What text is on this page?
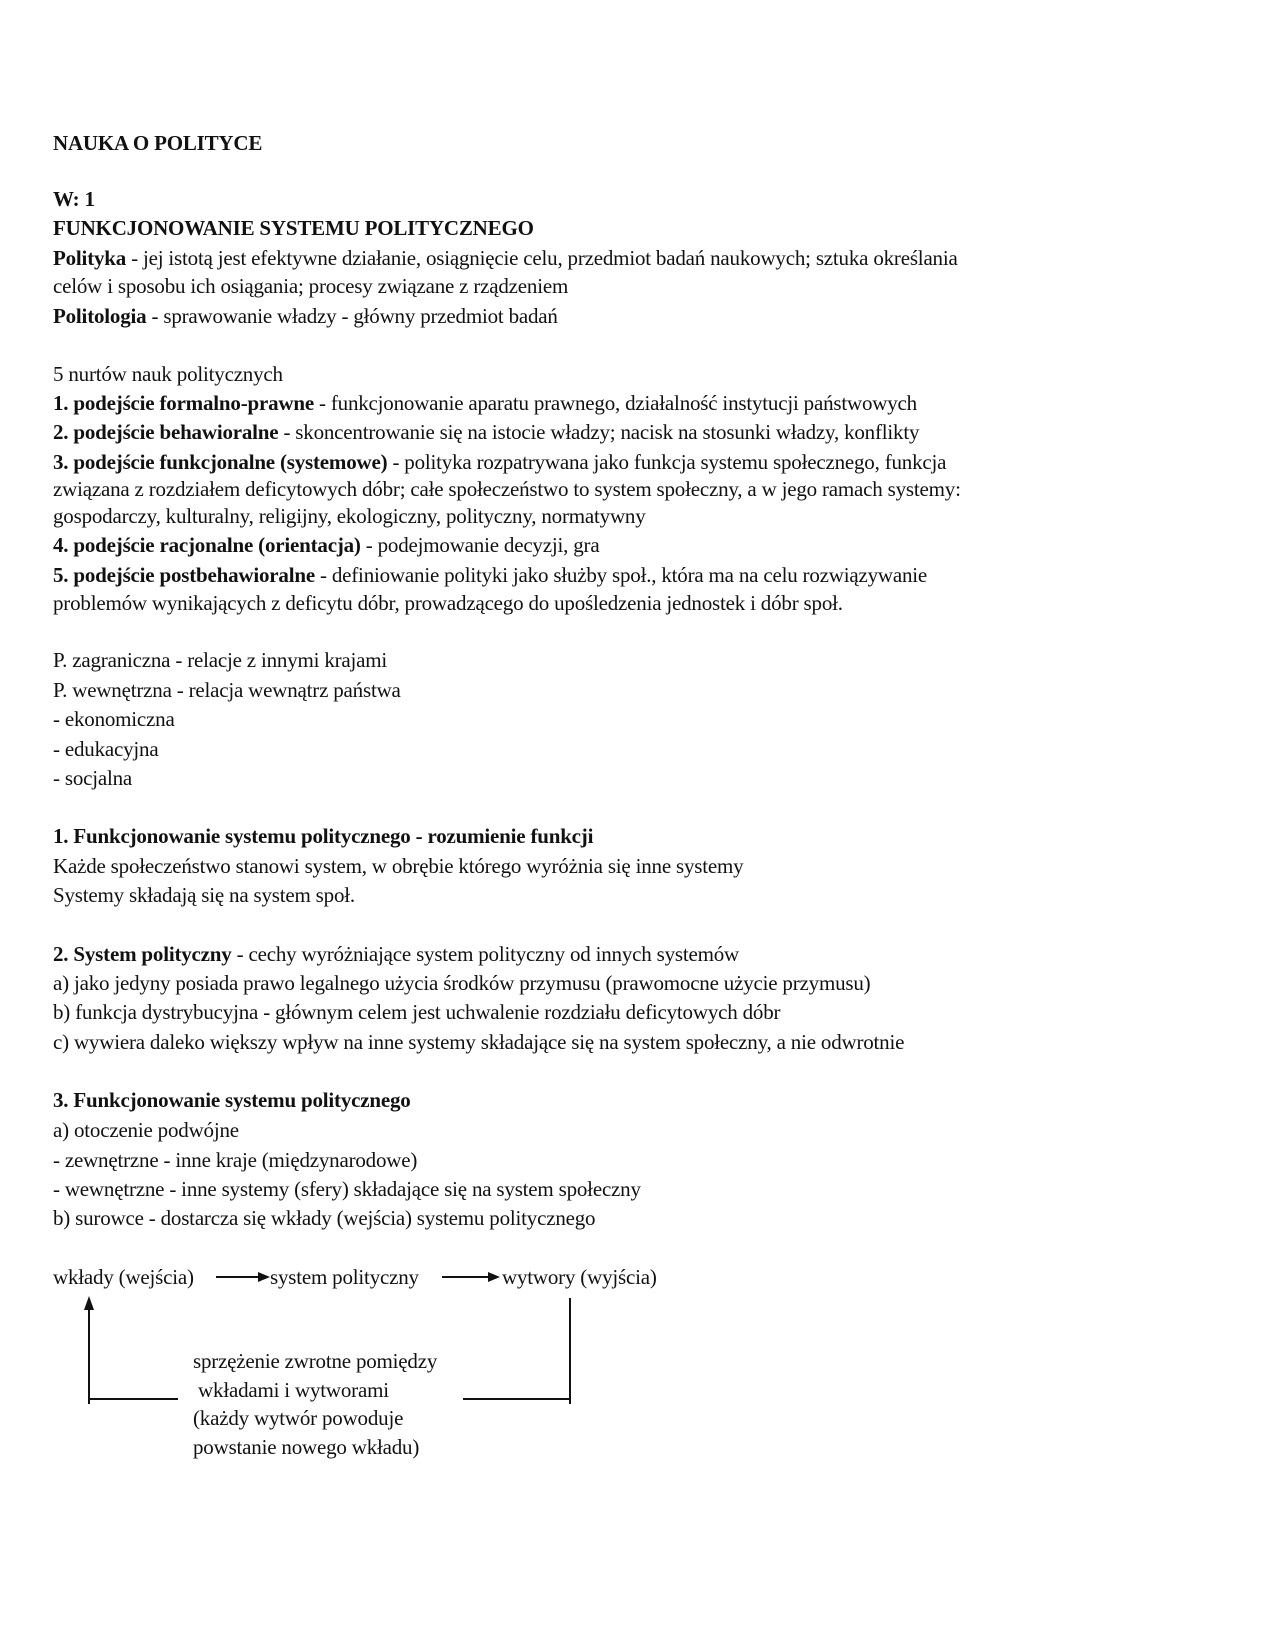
NAUKA O POLITYCE
W: 1
FUNKCJONOWANIE SYSTEMU POLITYCZNEGO
Polityka - jej istotą jest efektywne działanie, osiągnięcie celu, przedmiot badań naukowych; sztuka określania
celów i sposobu ich osiągania; procesy związane z rządzeniem
Politologia - sprawowanie władzy - główny przedmiot badań
5 nurtów nauk politycznych
1. podejście formalno-prawne - funkcjonowanie aparatu prawnego, działalność instytucji państwowych
2. podejście behawioralne - skoncentrowanie się na istocie władzy; nacisk na stosunki władzy, konflikty
3. podejście funkcjonalne (systemowe) - polityka rozpatrywana jako funkcja systemu społecznego, funkcja
związana z rozdziałem deficytowych dóbr; całe społeczeństwo to system społeczny, a w jego ramach systemy:
gospodarczy, kulturalny, religijny, ekologiczny, polityczny, normatywny
4. podejście racjonalne (orientacja) - podejmowanie decyzji, gra
5. podejście postbehawioralne - definiowanie polityki jako służby społ., która ma na celu rozwiązywanie
problemów wynikających z deficytu dóbr, prowadzącego do upośledzenia jednostek i dóbr społ.
P. zagraniczna - relacje z innymi krajami
P. wewnętrzna - relacja wewnątrz państwa
- ekonomiczna
- edukacyjna
- socjalna
1. Funkcjonowanie systemu politycznego - rozumienie funkcji
Każde społeczeństwo stanowi system, w obrębie którego wyróżnia się inne systemy
Systemy składają się na system społ.
2. System polityczny - cechy wyróżniające system polityczny od innych systemów
a) jako jedyny posiada prawo legalnego użycia środków przymusu (prawomocne użycie przymusu)
b) funkcja dystrybucyjna - głównym celem jest uchwalenie rozdziału deficytowych dóbr
c) wywiera daleko większy wpływ na inne systemy składające się na system społeczny, a nie odwrotnie
3. Funkcjonowanie systemu politycznego
a) otoczenie podwójne
- zewnętrzne - inne kraje (międzynarodowe)
- wewnętrzne - inne systemy (sfery) składające się na system społeczny
b) surowce - dostarcza się wkłady (wejścia) systemu politycznego
wkłady (wejścia)	system polityczny	wytwory (wyjścia)
sprzężenie zwrotne pomiędzy
wkładami i wytworami
(każdy wytwór powoduje
powstanie nowego wkładu)
